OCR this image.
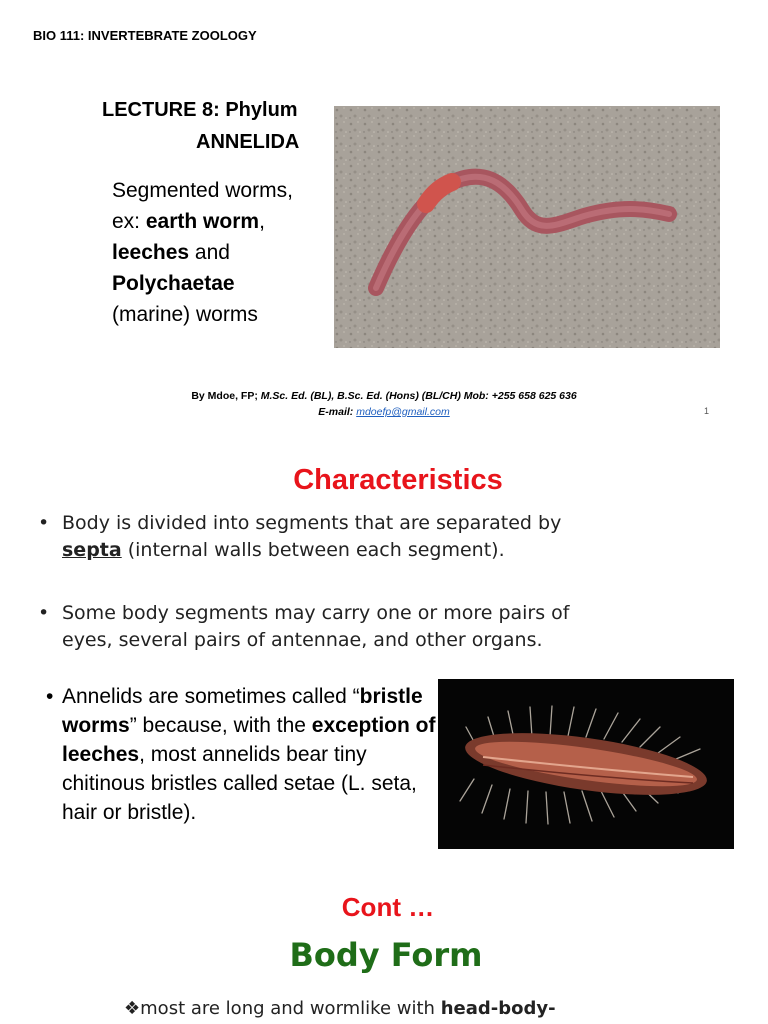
BIO 111: INVERTEBRATE ZOOLOGY
LECTURE 8: Phylum
ANNELIDA
Segmented worms, ex: earth worm, leeches and Polychaetae (marine) worms
By Mdoe, FP; M.Sc. Ed. (BL), B.Sc. Ed. (Hons) (BL/CH) Mob: +255 658 625 636
E-mail: mdoefp@gmail.com	1
Characteristics
• Body is divided into segments that are separated by septa (internal walls between each segment).
• Some body segments may carry one or more pairs of eyes, several pairs of antennae, and other organs.
• Annelids are sometimes called “bristle worms” because, with the exception of leeches, most annelids bear tiny chitinous bristles called setae (L. seta, hair or bristle).
Cont …
Body Form
❖most are long and wormlike with head-body-
